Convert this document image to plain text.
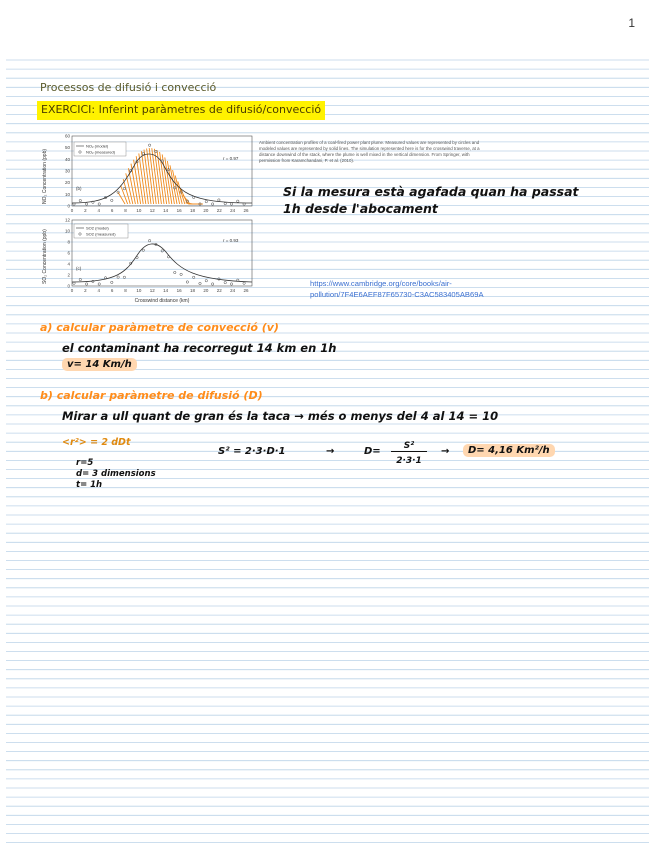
1
Processos de difusió i convecció
EXERCICI: Inferint paràmetres de difusió/convecció
0
10
20
30
40
50
60
0 2 4 6 8 10 12 14 16 18 20 22 24 26
NO₂ (model)
NO₂ (measured)
r = 0.97
(b)
NO₂ Concentration (ppb)
0
2
4
6
8
10
12
0 2 4 6 8 10 12 14 16 18 20 22 24 26
SO2 (model)
SO2 (measured)
r = 0.93
(c)
SO₂ Concentration (ppb)
Crosswind distance (km)
Ambient concentration profiles of a coal-fired power plant plume. Measured values are represented by circles and modeled values are represented by solid lines. The simulation represented here is for the crosswind traverse, at a distance downwind of the stack, where the plume is well mixed in the vertical dimension. From Springer, with permission from Karamchandani, P. et al. (2010).
Si la mesura està agafada quan ha passat
1h desde l'abocament
https://www.cambridge.org/core/books/air-
pollution/7F4E6AEF87F65730-C3AC583405AB69A
a) calcular paràmetre de convecció (v)
el contaminant ha recorregut 14 km en 1h
v= 14 Km/h
b) calcular paràmetre de difusió (D)
Mirar a ull quant de gran és la taca → més o menys del 4 al 14 = 10
<r²> = 2 dDt
r=5
d= 3 dimensions
t= 1h
S² = 2·3·D·1	→	D=	S²
2·3·1
→	D= 4,16 Km²/h
